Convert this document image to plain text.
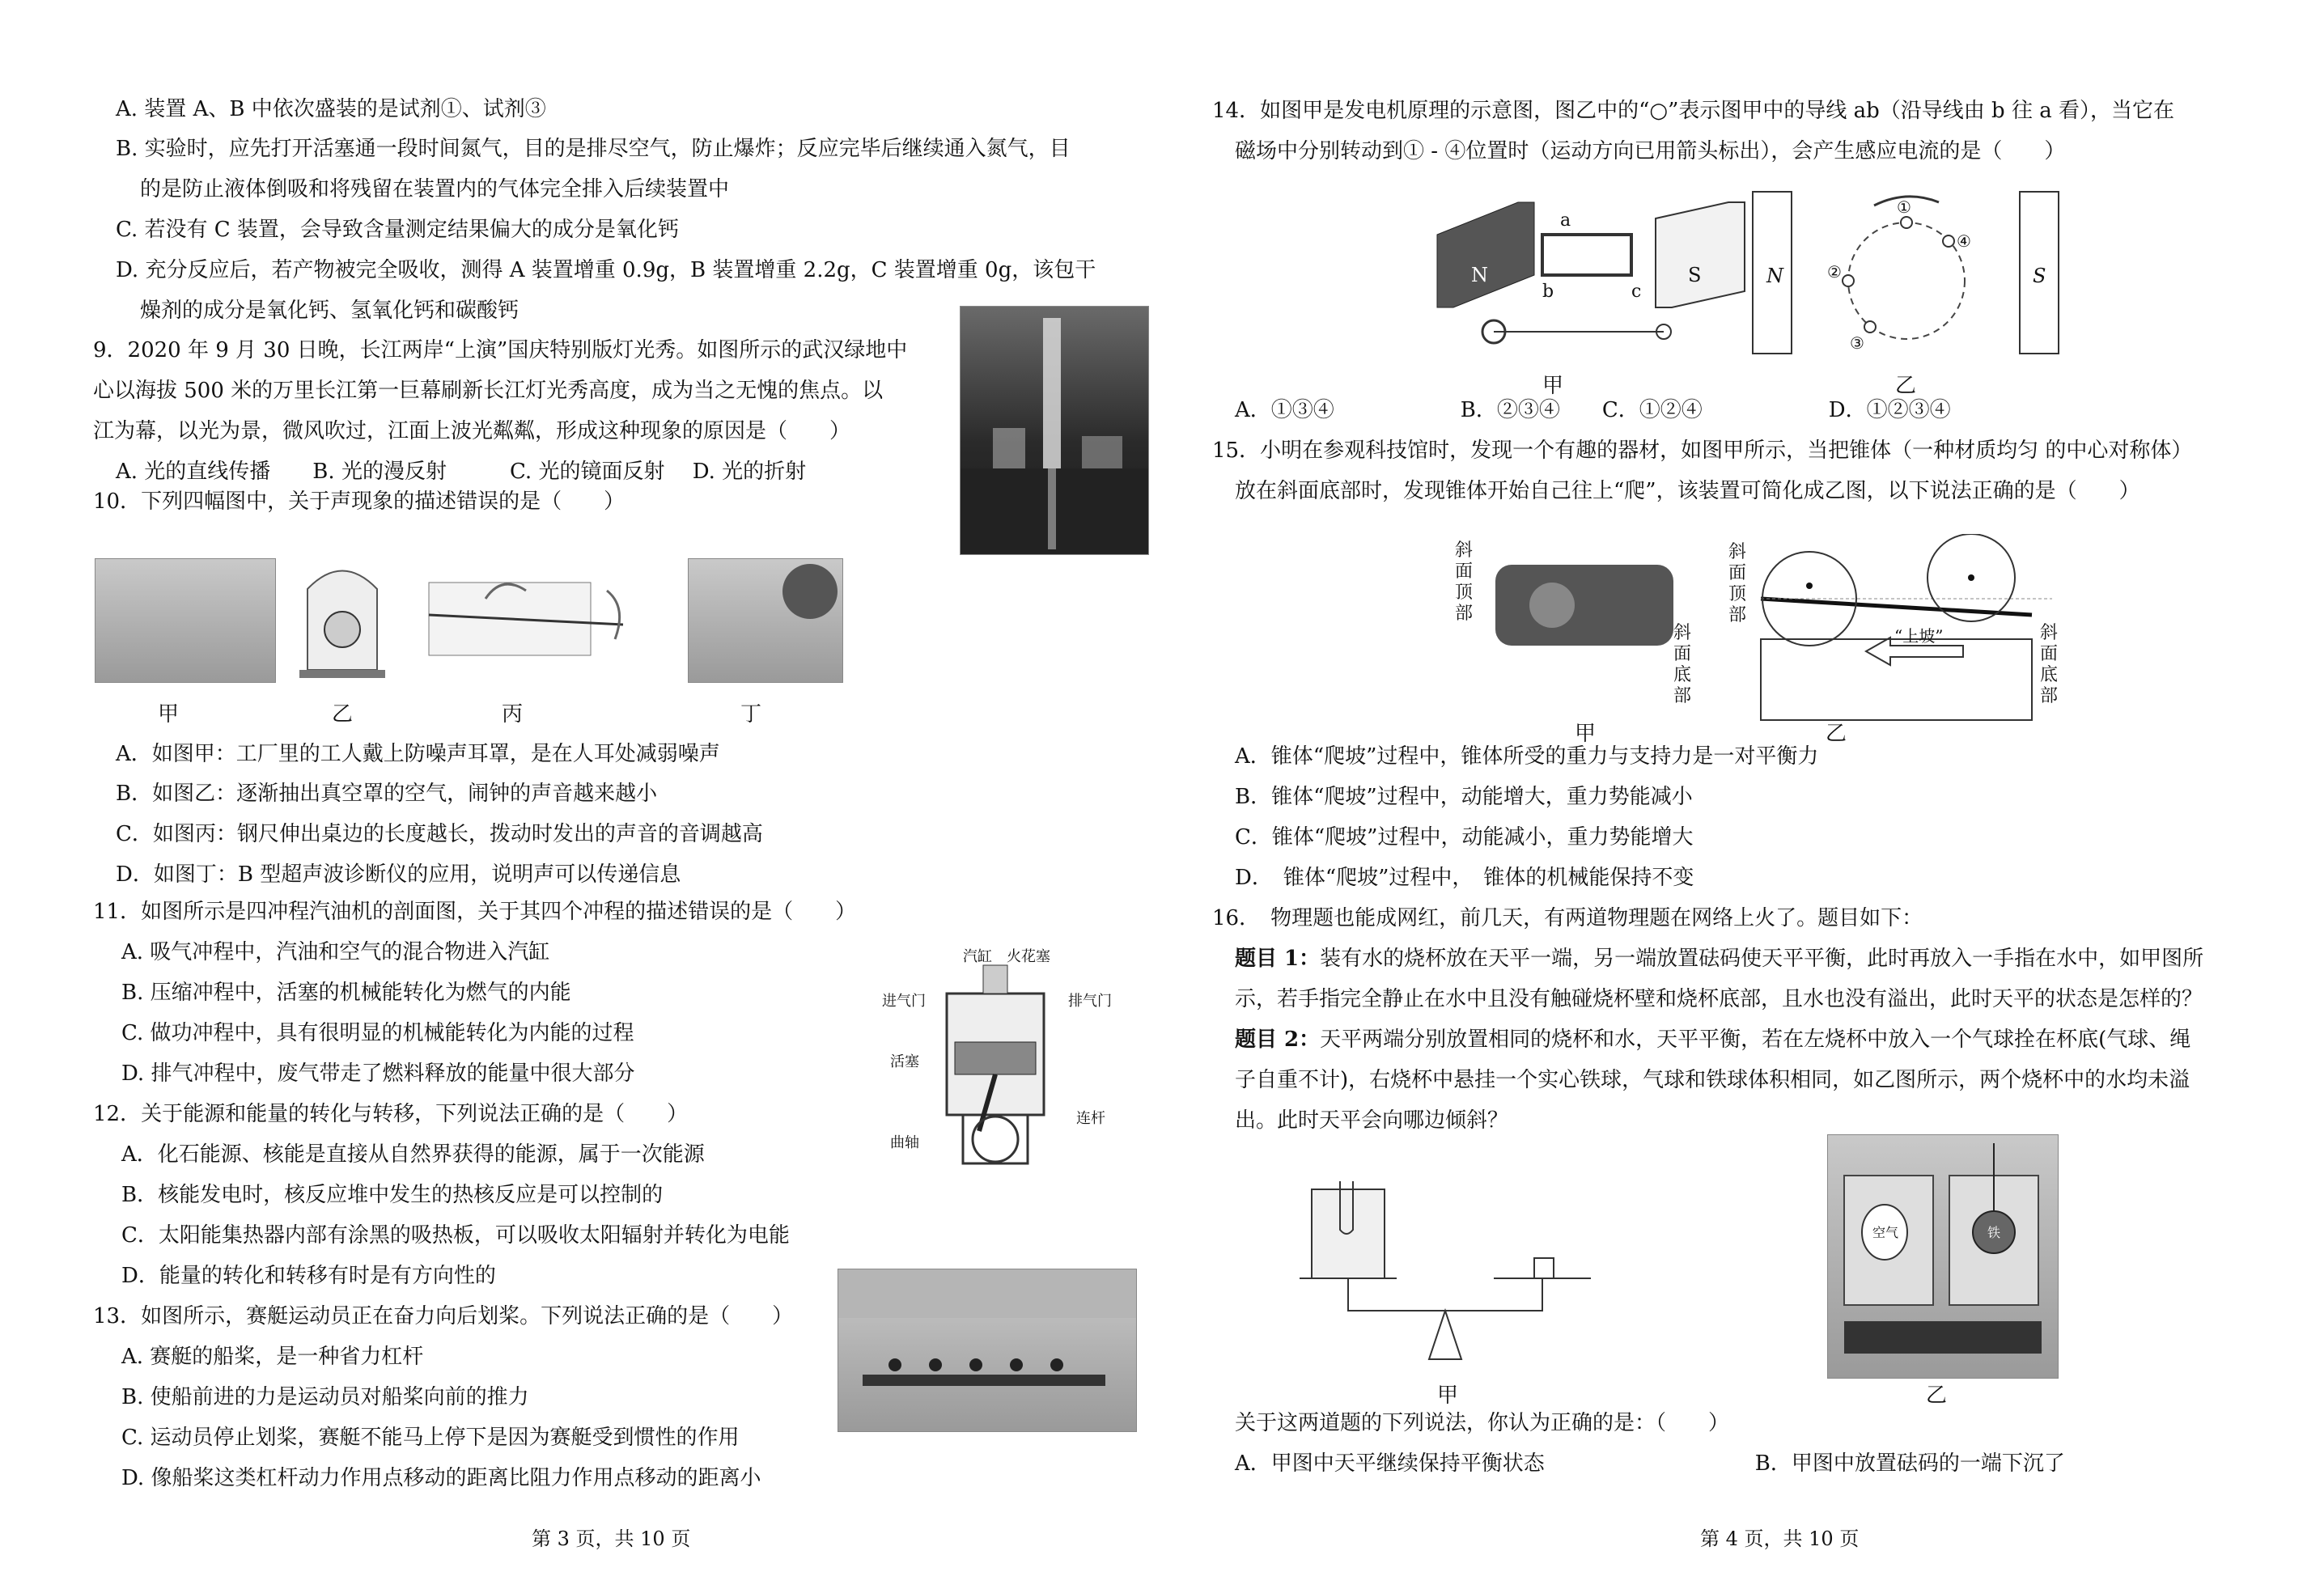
A. 装置 A、B 中依次盛装的是试剂①、试剂③
B. 实验时，应先打开活塞通一段时间氮气，目的是排尽空气，防止爆炸；反应完毕后继续通入氮气，目
的是防止液体倒吸和将残留在装置内的气体完全排入后续装置中
C. 若没有 C 装置，会导致含量测定结果偏大的成分是氧化钙
D. 充分反应后，若产物被完全吸收，测得 A 装置增重 0.9g，B 装置增重 2.2g，C 装置增重 0g，该包干
燥剂的成分是氧化钙、氢氧化钙和碳酸钙
9．2020 年 9 月 30 日晚，长江两岸“上演”国庆特别版灯光秀。如图所示的武汉绿地中
心以海拔 500 米的万里长江第一巨幕刷新长江灯光秀高度，成为当之无愧的焦点。以
江为幕，以光为景，微风吹过，江面上波光粼粼，形成这种现象的原因是（　　）
A. 光的直线传播　　B. 光的漫反射　　　C. 光的镜面反射　 D. 光的折射
10．下列四幅图中，关于声现象的描述错误的是（　　）
甲	乙	丙	丁
A．如图甲：工厂里的工人戴上防噪声耳罩，是在人耳处减弱噪声
B．如图乙：逐渐抽出真空罩的空气，闹钟的声音越来越小
C．如图丙：钢尺伸出桌边的长度越长，拨动时发出的声音的音调越高
D．如图丁：B 型超声波诊断仪的应用，说明声可以传递信息
11．如图所示是四冲程汽油机的剖面图，关于其四个冲程的描述错误的是（　　）
A. 吸气冲程中，汽油和空气的混合物进入汽缸
B. 压缩冲程中，活塞的机械能转化为燃气的内能
C. 做功冲程中，具有很明显的机械能转化为内能的过程
D. 排气冲程中，废气带走了燃料释放的能量中很大部分
汽缸　火花塞
进气门	排气门
活塞
连杆
曲轴
12．关于能源和能量的转化与转移，下列说法正确的是（　　）
A．化石能源、核能是直接从自然界获得的能源，属于一次能源
B．核能发电时，核反应堆中发生的热核反应是可以控制的
C．太阳能集热器内部有涂黑的吸热板，可以吸收太阳辐射并转化为电能
D．能量的转化和转移有时是有方向性的
13．如图所示，赛艇运动员正在奋力向后划桨。下列说法正确的是（　　）
A. 赛艇的船桨，是一种省力杠杆
B. 使船前进的力是运动员对船桨向前的推力
C. 运动员停止划桨，赛艇不能马上停下是因为赛艇受到惯性的作用
D. 像船桨这类杠杆动力作用点移动的距离比阻力作用点移动的距离小
第 3 页，共 10 页
14．如图甲是发电机原理的示意图，图乙中的“○”表示图甲中的导线 ab（沿导线由 b 往 a 看），当它在
磁场中分别转动到① - ④位置时（运动方向已用箭头标出），会产生感应电流的是（　　）
N	S
a
b	c
甲
N	S
①
②
③
④
乙
A．①③④　　　　　　B．②③④　　C．①②④　　　　　　D．①②③④
15．小明在参观科技馆时，发现一个有趣的器材，如图甲所示，当把锥体（一种材质均匀 的中心对称体）
放在斜面底部时，发现锥体开始自己往上“爬”，该装置可简化成乙图，以下说法正确的是（　　）
斜面顶部
斜面底部
甲
斜面顶部
斜面底部
“上坡”
乙
A．锥体“爬坡”过程中，锥体所受的重力与支持力是一对平衡力
B．锥体“爬坡”过程中，动能增大，重力势能减小
C．锥体“爬坡”过程中，动能减小，重力势能增大
D．　锥体“爬坡”过程中，　锥体的机械能保持不变
16．　物理题也能成网红，前几天，有两道物理题在网络上火了。题目如下：
题目 1：装有水的烧杯放在天平一端，另一端放置砝码使天平平衡，此时再放入一手指在水中，如甲图所
示，若手指完全静止在水中且没有触碰烧杯壁和烧杯底部，且水也没有溢出，此时天平的状态是怎样的？
题目 2：天平两端分别放置相同的烧杯和水，天平平衡，若在左烧杯中放入一个气球拴在杯底(气球、绳
子自重不计)，右烧杯中悬挂一个实心铁球，气球和铁球体积相同，如乙图所示，两个烧杯中的水均未溢
出。此时天平会向哪边倾斜？
甲
空气	铁
乙
关于这两道题的下列说法，你认为正确的是：（　　）
A．甲图中天平继续保持平衡状态　　　　　　　　　　B．甲图中放置砝码的一端下沉了
第 4 页，共 10 页
